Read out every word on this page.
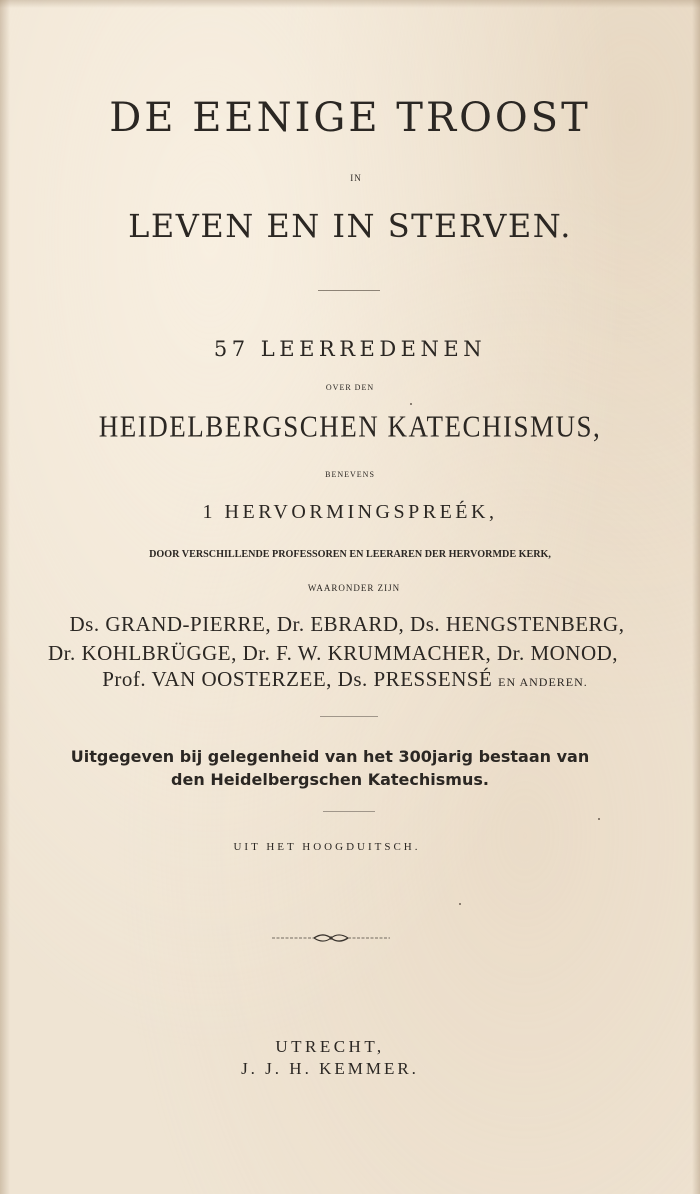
DE EENIGE TROOST
IN
LEVEN EN IN STERVEN.
57 LEERREDENEN
OVER DEN
HEIDELBERGSCHEN KATECHISMUS,
BENEVENS
1 HERVORMINGSPREÉK,
DOOR VERSCHILLENDE PROFESSOREN EN LEERAREN DER HERVORMDE KERK,
WAARONDER ZIJN
Ds. GRAND-PIERRE, Dr. EBRARD, Ds. HENGSTENBERG,
Dr. KOHLBRÜGGE, Dr. F. W. KRUMMACHER, Dr. MONOD,
Prof. VAN OOSTERZEE, Ds. PRESSENSÉ EN ANDEREN.
Uitgegeven bij gelegenheid van het 300jarig bestaan van
den Heidelbergschen Katechismus.
UIT HET HOOGDUITSCH.
UTRECHT,
J. J. H. KEMMER.
